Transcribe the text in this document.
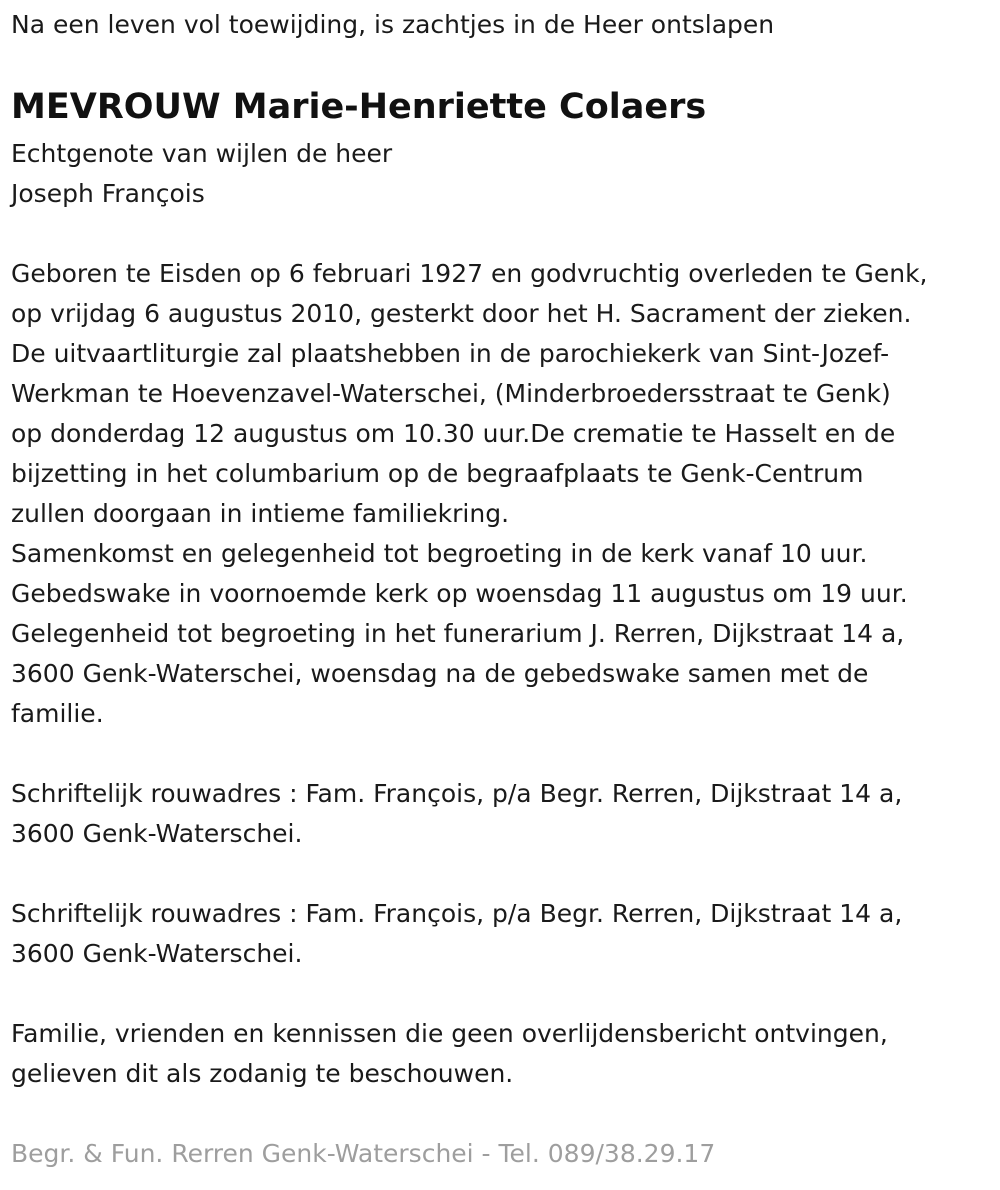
Na een leven vol toewijding, is zachtjes in de Heer ontslapen
MEVROUW Marie-Henriette Colaers
Echtgenote van wijlen de heer
Joseph François
Geboren te Eisden op 6 februari 1927 en godvruchtig overleden te Genk,
op vrijdag 6 augustus 2010, gesterkt door het H. Sacrament der zieken.
De uitvaartliturgie zal plaatshebben in de parochiekerk van Sint-Jozef-
Werkman te Hoevenzavel-Waterschei, (Minderbroedersstraat te Genk)
op donderdag 12 augustus om 10.30 uur.De crematie te Hasselt en de
bijzetting in het columbarium op de begraafplaats te Genk-Centrum
zullen doorgaan in intieme familiekring.
Samenkomst en gelegenheid tot begroeting in de kerk vanaf 10 uur.
Gebedswake in voornoemde kerk op woensdag 11 augustus om 19 uur.
Gelegenheid tot begroeting in het funerarium J. Rerren, Dijkstraat 14 a,
3600 Genk-Waterschei, woensdag na de gebedswake samen met de
familie.
Schriftelijk rouwadres : Fam. François, p/a Begr. Rerren, Dijkstraat 14 a,
3600 Genk-Waterschei.
Schriftelijk rouwadres : Fam. François, p/a Begr. Rerren, Dijkstraat 14 a,
3600 Genk-Waterschei.
Familie, vrienden en kennissen die geen overlijdensbericht ontvingen,
gelieven dit als zodanig te beschouwen.
Begr. & Fun. Rerren Genk-Waterschei - Tel. 089/38.29.17
